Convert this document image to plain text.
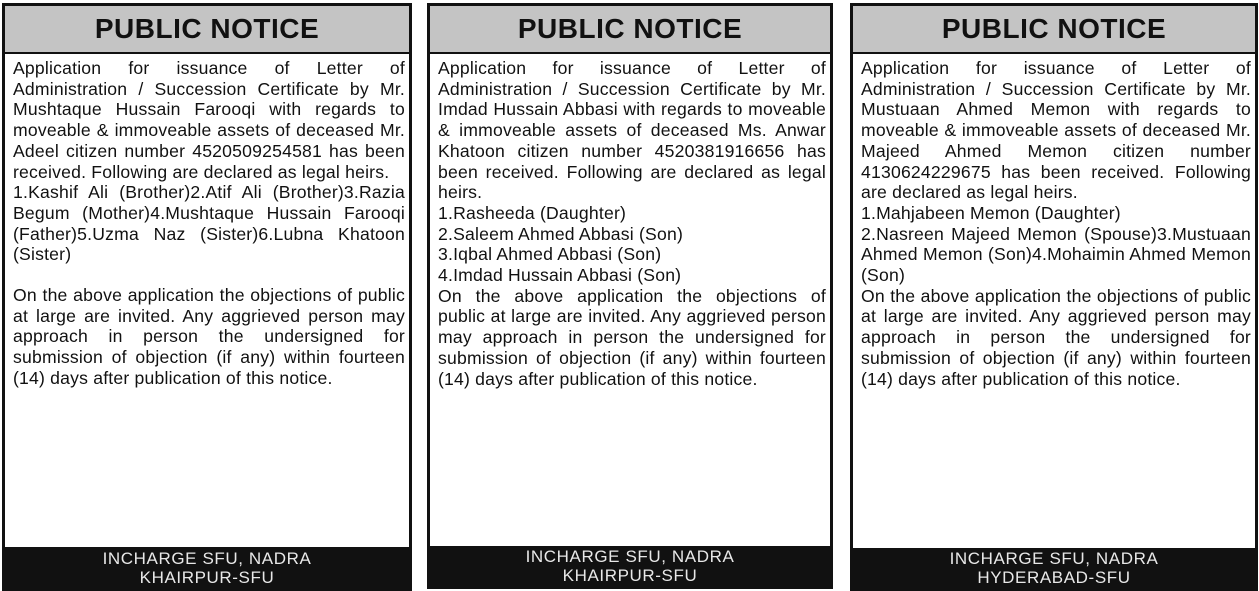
PUBLIC NOTICE

Application for issuance of Letter of Administration / Succession Certificate by Mr. Mushtaque Hussain Farooqi with regards to moveable & immoveable assets of deceased Mr. Adeel citizen number 4520509254581 has been received. Following are declared as legal heirs.

1.Kashif Ali (Brother)2.Atif Ali (Brother)3.Razia Begum (Mother)4.Mushtaque Hussain Farooqi (Father)5.Uzma Naz (Sister)6.Lubna Khatoon (Sister)

On the above application the objections of public at large are invited. Any aggrieved person may approach in person the undersigned for submission of objection (if any) within fourteen (14) days after publication of this notice.

INCHARGE SFU, NADRA
KHAIRPUR-SFU
PUBLIC NOTICE

Application for issuance of Letter of Administration / Succession Certificate by Mr. Imdad Hussain Abbasi with regards to moveable & immoveable assets of deceased Ms. Anwar Khatoon citizen number 4520381916656 has been received. Following are declared as legal heirs.

1.Rasheeda (Daughter)

2.Saleem Ahmed Abbasi (Son)

3.Iqbal Ahmed Abbasi (Son)

4.Imdad Hussain Abbasi (Son)

On the above application the objections of public at large are invited. Any aggrieved person may approach in person the undersigned for submission of objection (if any) within fourteen (14) days after publication of this notice.

INCHARGE SFU, NADRA
KHAIRPUR-SFU
PUBLIC NOTICE

Application for issuance of Letter of Administration / Succession Certificate by Mr. Mustuaan Ahmed Memon with regards to moveable & immoveable assets of deceased Mr. Majeed Ahmed Memon citizen number 4130624229675 has been received. Following are declared as legal heirs.

1.Mahjabeen Memon (Daughter)

2.Nasreen Majeed Memon (Spouse)3.Mustuaan Ahmed Memon (Son)4.Mohaimin Ahmed Memon (Son)

On the above application the objections of public at large are invited. Any aggrieved person may approach in person the undersigned for submission of objection (if any) within fourteen (14) days after publication of this notice.

INCHARGE SFU, NADRA
HYDERABAD-SFU
